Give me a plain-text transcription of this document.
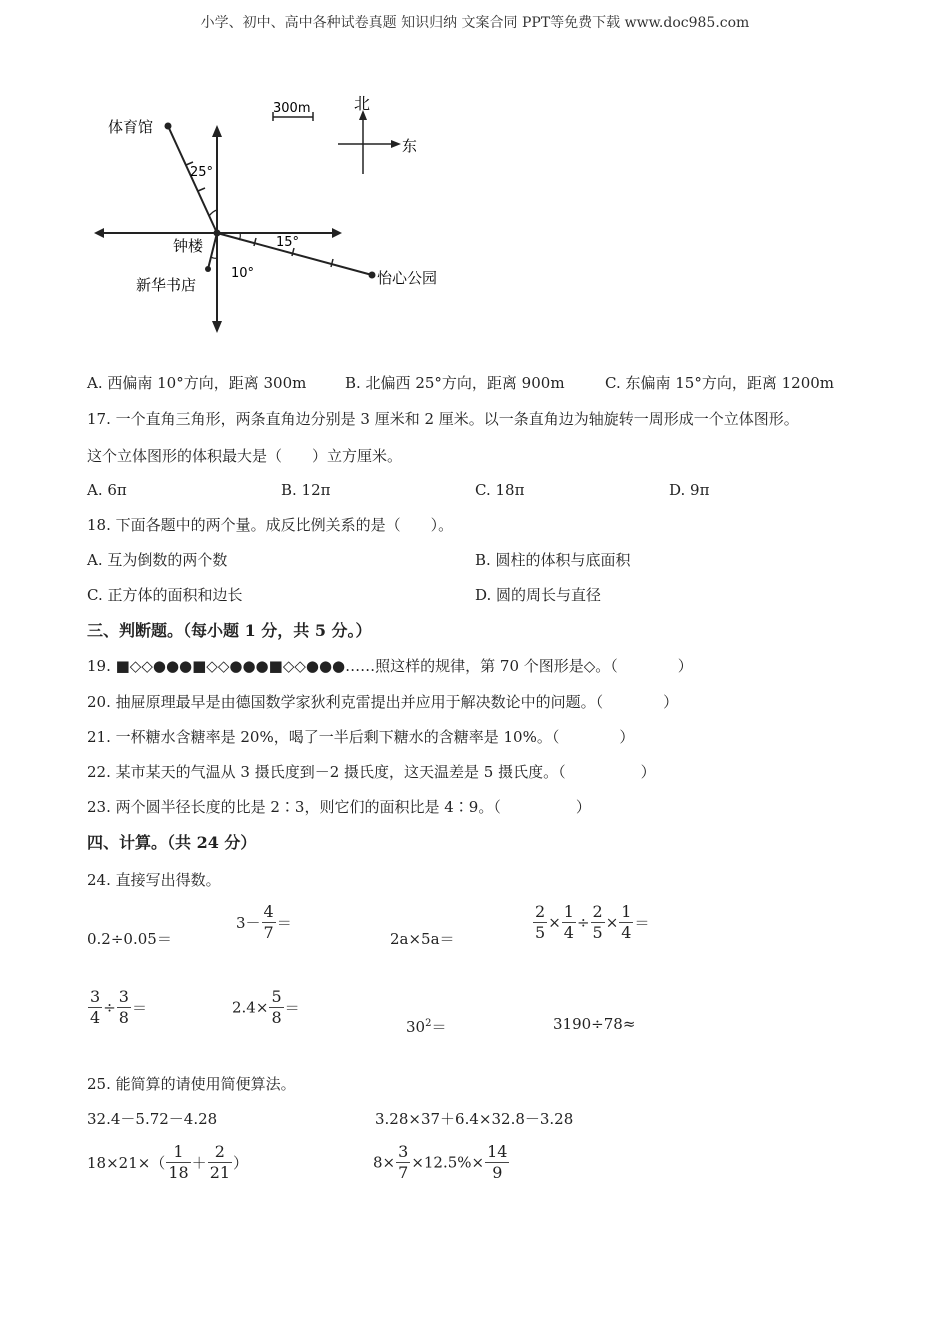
小学、初中、高中各种试卷真题 知识归纳 文案合同 PPT等免费下载 www.doc985.com
300m	北
东
体育馆
钟楼
新华书店	怡心公园
25°
15°
10°
A. 西偏南 10°方向，距离 300m	B. 北偏西 25°方向，距离 900m	C. 东偏南 15°方向，距离 1200m
17. 一个直角三角形，两条直角边分别是 3 厘米和 2 厘米。以一条直角边为轴旋转一周形成一个立体图形。
这个立体图形的体积最大是（　　）立方厘米。
A. 6π	B. 12π	C. 18π	D. 9π
18. 下面各题中的两个量。成反比例关系的是（　　）。
A. 互为倒数的两个数	B. 圆柱的体积与底面积
C. 正方体的面积和边长	D. 圆的周长与直径
三、判断题。（每小题 1 分，共 5 分。）
19. ■◇◇●●●■◇◇●●●■◇◇●●●……照这样的规律，第 70 个图形是◇。（　　　　）
20. 抽屉原理最早是由德国数学家狄利克雷提出并应用于解决数论中的问题。（　　　　）
21. 一杯糖水含糖率是 20%，喝了一半后剩下糖水的含糖率是 10%。（　　　　）
22. 某市某天的气温从 3 摄氏度到－2 摄氏度，这天温差是 5 摄氏度。（　　　　　）
23. 两个圆半径长度的比是 2∶3，则它们的面积比是 4∶9。（　　　　　）
四、计算。（共 24 分）
24. 直接写出得数。
0.2÷0.05＝
$3- \frac{4}{7}$ ＝
2a×5a＝	$\frac{2}{5} \times \frac{1}{4} \div \frac{2}{5} \times \frac{1}{4}$ ＝
$\frac{3}{4} \div \frac{3}{8}$ ＝	$2.4\times \frac{5}{8}$ ＝
$30^2=$	3190÷78≈
25. 能简算的请使用简便算法。
32.4－5.72－4.28	3.28×37＋6.4×32.8－3.28
$18\times 21\times( \frac{1}{18} + \frac{2}{21}$ ）	$8\times \frac{3}{7} \times 12.5\%\times \frac{14}{9}$
